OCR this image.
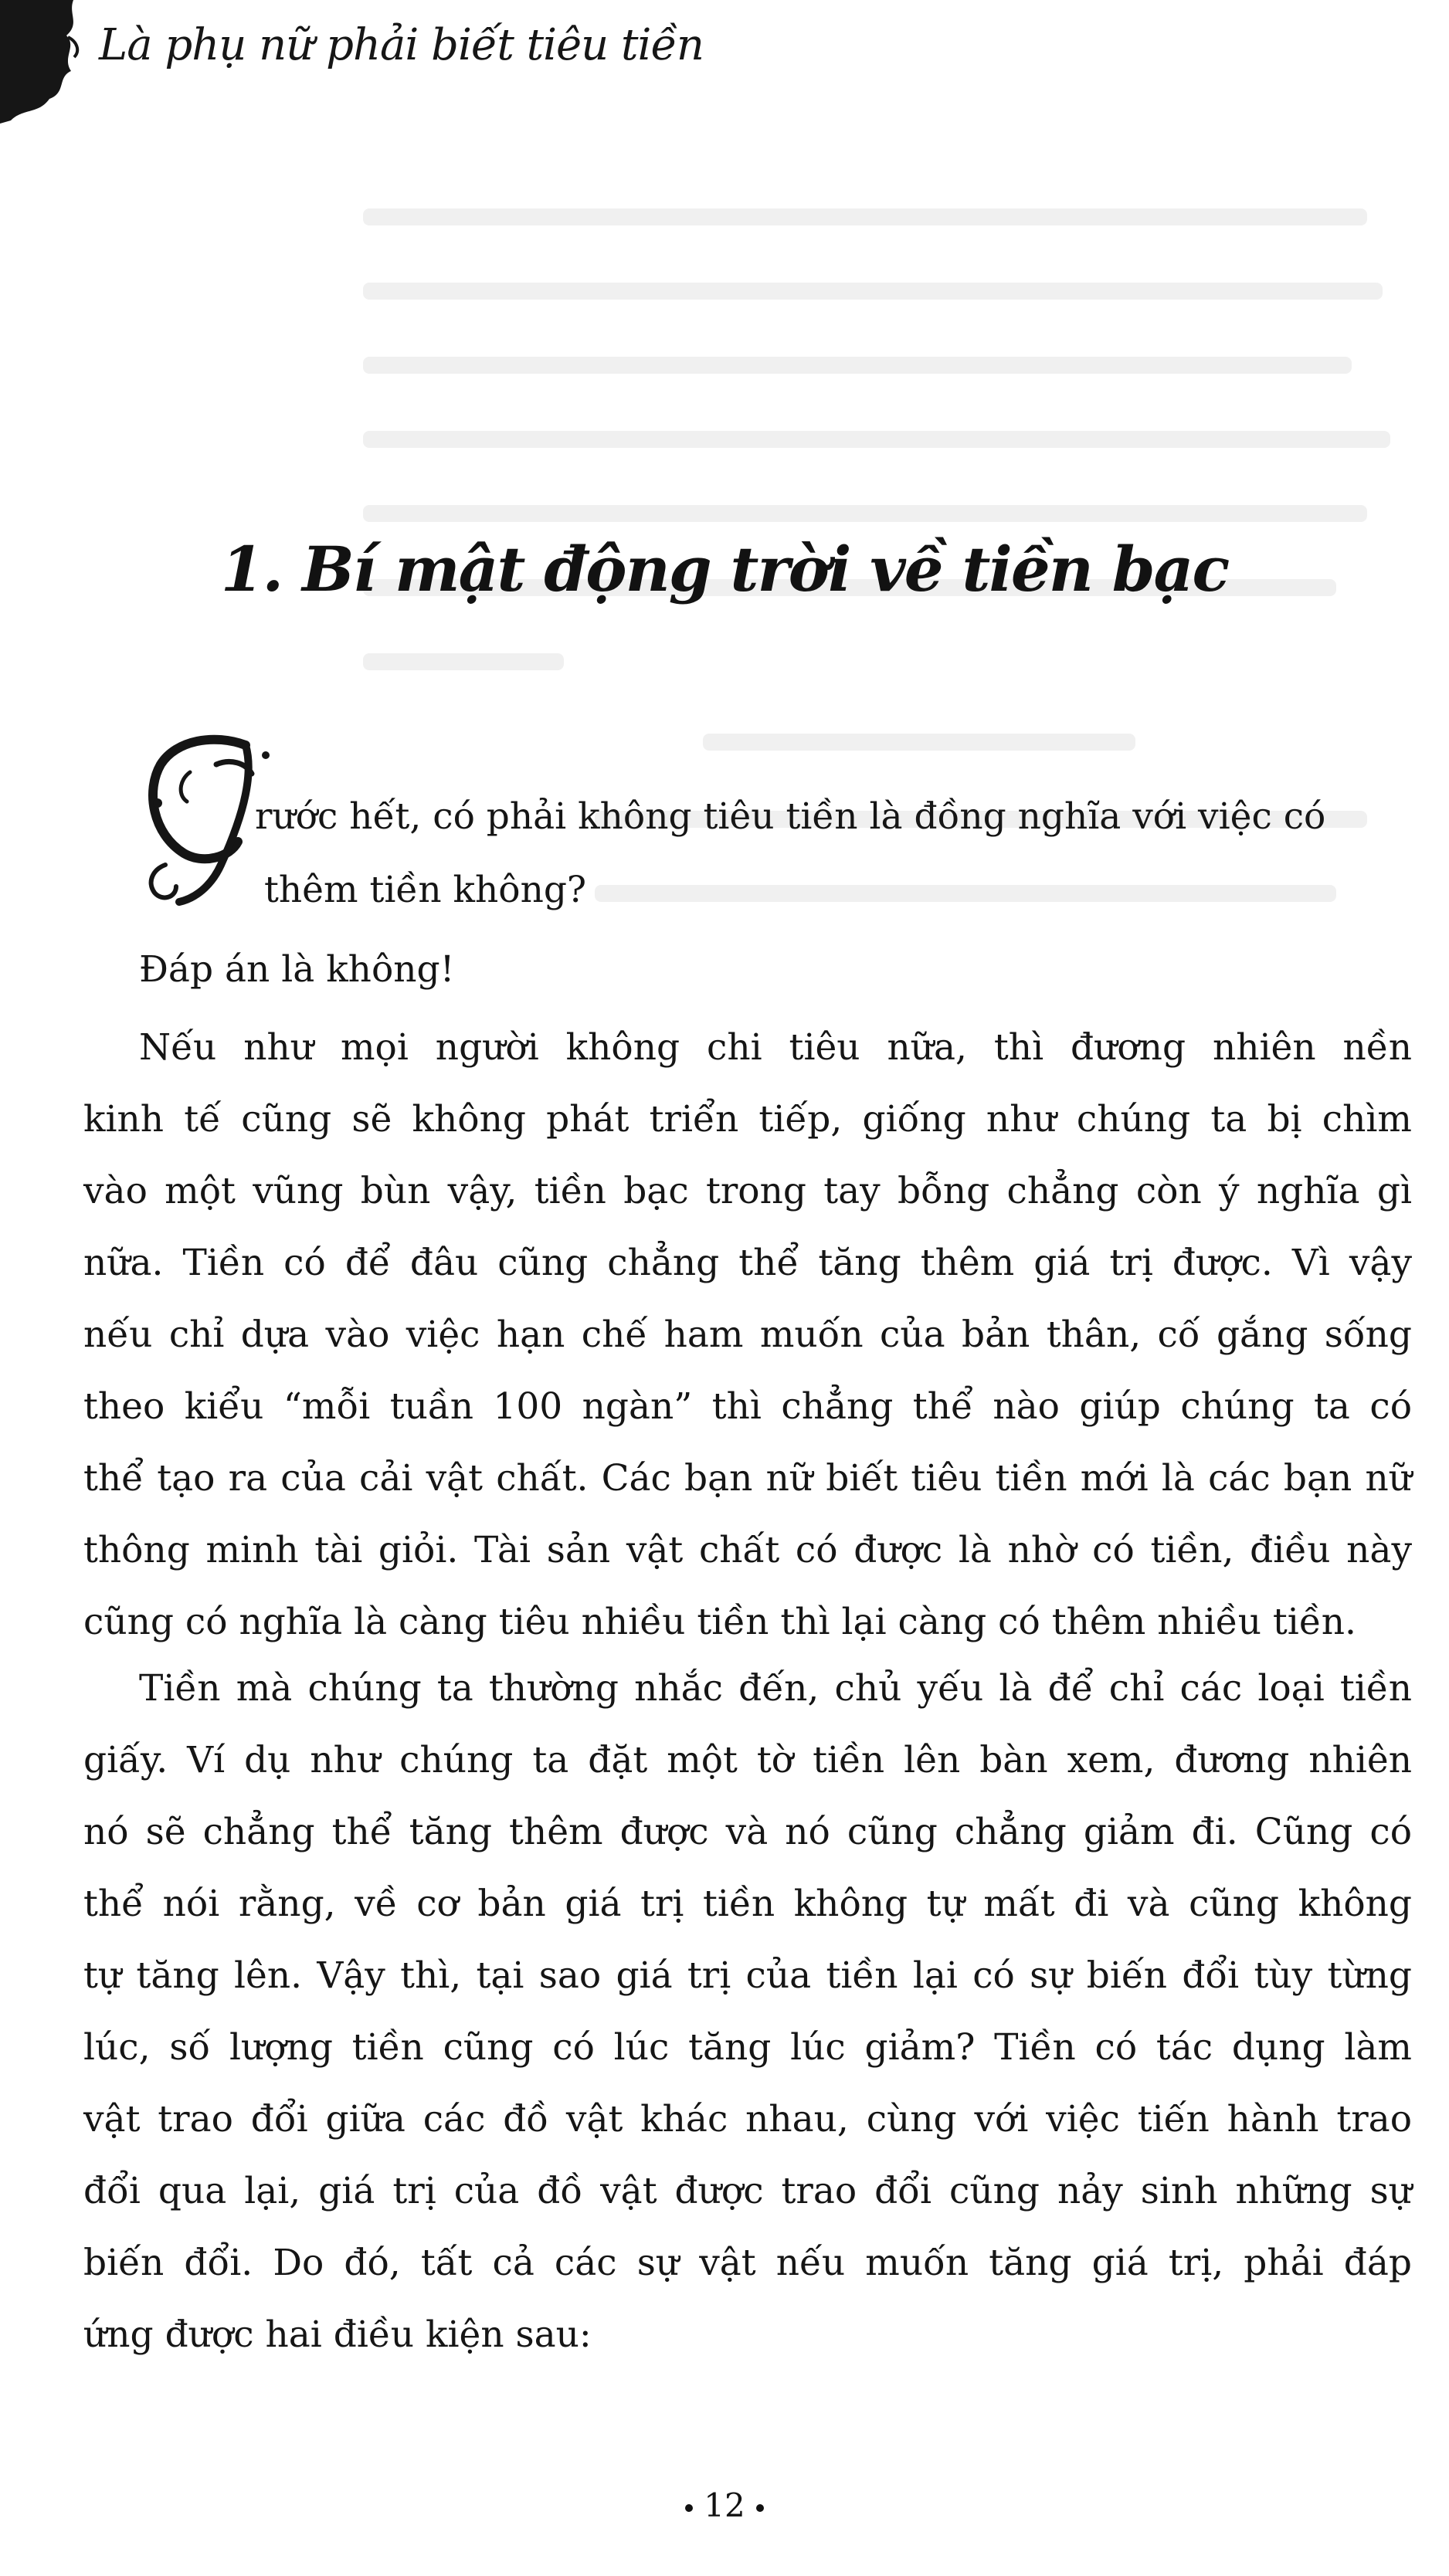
Là phụ nữ phải biết tiêu tiền
1. Bí mật động trời về tiền bạc
T rước hết, có phải không tiêu tiền là đồng nghĩa với việc có
thêm tiền không?
Đáp án là không!
Nếu như mọi người không chi tiêu nữa, thì đương nhiên nền
kinh tế cũng sẽ không phát triển tiếp, giống như chúng ta bị chìm
vào một vũng bùn vậy, tiền bạc trong tay bỗng chẳng còn ý nghĩa gì
nữa. Tiền có để đâu cũng chẳng thể tăng thêm giá trị được. Vì vậy
nếu chỉ dựa vào việc hạn chế ham muốn của bản thân, cố gắng sống
theo kiểu “mỗi tuần 100 ngàn” thì chẳng thể nào giúp chúng ta có
thể tạo ra của cải vật chất. Các bạn nữ biết tiêu tiền mới là các bạn nữ
thông minh tài giỏi. Tài sản vật chất có được là nhờ có tiền, điều này
cũng có nghĩa là càng tiêu nhiều tiền thì lại càng có thêm nhiều tiền.
Tiền mà chúng ta thường nhắc đến, chủ yếu là để chỉ các loại tiền
giấy. Ví dụ như chúng ta đặt một tờ tiền lên bàn xem, đương nhiên
nó sẽ chẳng thể tăng thêm được và nó cũng chẳng giảm đi. Cũng có
thể nói rằng, về cơ bản giá trị tiền không tự mất đi và cũng không
tự tăng lên. Vậy thì, tại sao giá trị của tiền lại có sự biến đổi tùy từng
lúc, số lượng tiền cũng có lúc tăng lúc giảm? Tiền có tác dụng làm
vật trao đổi giữa các đồ vật khác nhau, cùng với việc tiến hành trao
đổi qua lại, giá trị của đồ vật được trao đổi cũng nảy sinh những sự
biến đổi. Do đó, tất cả các sự vật nếu muốn tăng giá trị, phải đáp
ứng được hai điều kiện sau:
12
